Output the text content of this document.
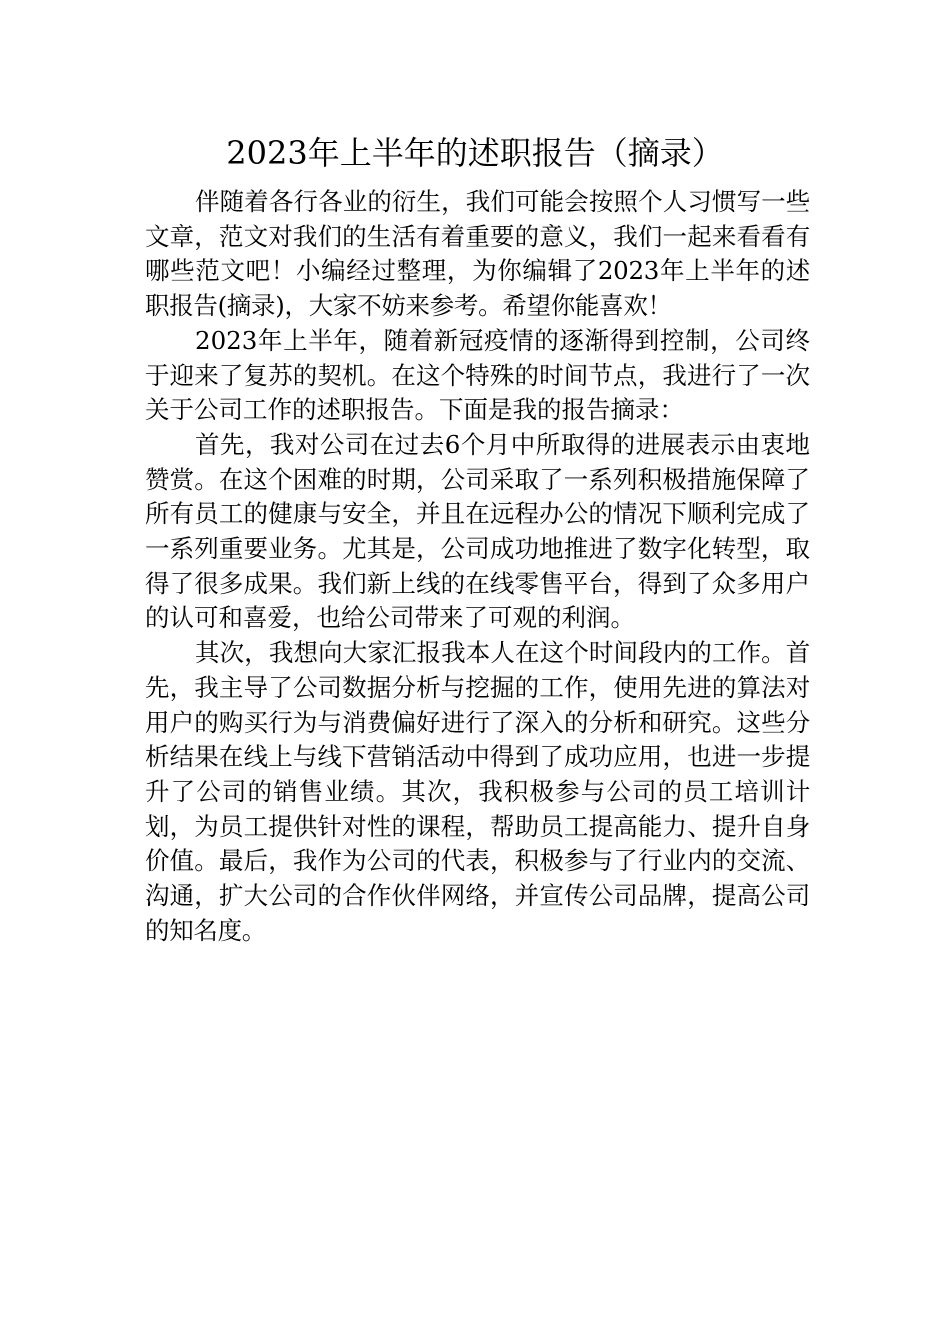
2023年上半年的述职报告（摘录）

伴随着各行各业的衍生，我们可能会按照个人习惯写一些文章，范文对我们的生活有着重要的意义，我们一起来看看有哪些范文吧！小编经过整理，为你编辑了2023年上半年的述职报告(摘录)，大家不妨来参考。希望你能喜欢！

2023年上半年，随着新冠疫情的逐渐得到控制，公司终于迎来了复苏的契机。在这个特殊的时间节点，我进行了一次关于公司工作的述职报告。下面是我的报告摘录：

首先，我对公司在过去6个月中所取得的进展表示由衷地赞赏。在这个困难的时期，公司采取了一系列积极措施保障了所有员工的健康与安全，并且在远程办公的情况下顺利完成了一系列重要业务。尤其是，公司成功地推进了数字化转型，取得了很多成果。我们新上线的在线零售平台，得到了众多用户的认可和喜爱，也给公司带来了可观的利润。

其次，我想向大家汇报我本人在这个时间段内的工作。首先，我主导了公司数据分析与挖掘的工作，使用先进的算法对用户的购买行为与消费偏好进行了深入的分析和研究。这些分析结果在线上与线下营销活动中得到了成功应用，也进一步提升了公司的销售业绩。其次，我积极参与公司的员工培训计划，为员工提供针对性的课程，帮助员工提高能力、提升自身价值。最后，我作为公司的代表，积极参与了行业内的交流、沟通，扩大公司的合作伙伴网络，并宣传公司品牌，提高公司的知名度。
